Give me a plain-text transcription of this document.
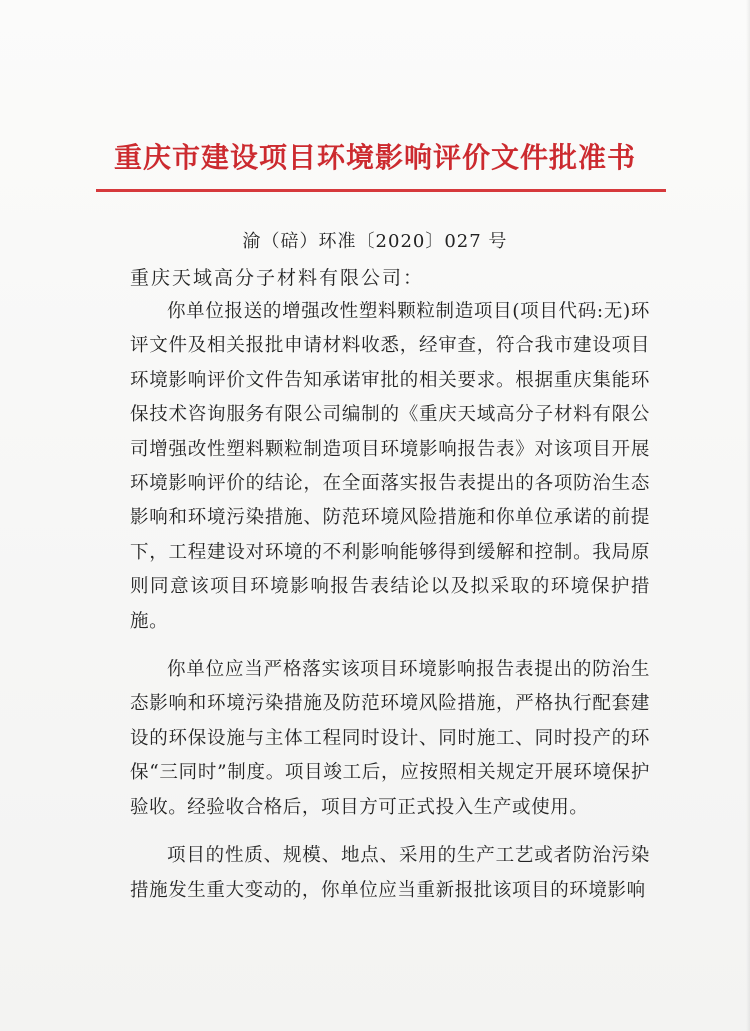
重庆市建设项目环境影响评价文件批准书
渝（碚）环准〔2020〕027 号
重庆天域高分子材料有限公司：

你单位报送的增强改性塑料颗粒制造项目(项目代码:无)环评文件及相关报批申请材料收悉，经审查，符合我市建设项目环境影响评价文件告知承诺审批的相关要求。根据重庆集能环保技术咨询服务有限公司编制的《重庆天域高分子材料有限公司增强改性塑料颗粒制造项目环境影响报告表》对该项目开展环境影响评价的结论，在全面落实报告表提出的各项防治生态影响和环境污染措施、防范环境风险措施和你单位承诺的前提下，工程建设对环境的不利影响能够得到缓解和控制。我局原则同意该项目环境影响报告表结论以及拟采取的环境保护措施。

你单位应当严格落实该项目环境影响报告表提出的防治生态影响和环境污染措施及防范环境风险措施，严格执行配套建设的环保设施与主体工程同时设计、同时施工、同时投产的环保“三同时”制度。项目竣工后，应按照相关规定开展环境保护验收。经验收合格后，项目方可正式投入生产或使用。

项目的性质、规模、地点、采用的生产工艺或者防治污染措施发生重大变动的，你单位应当重新报批该项目的环境影响
